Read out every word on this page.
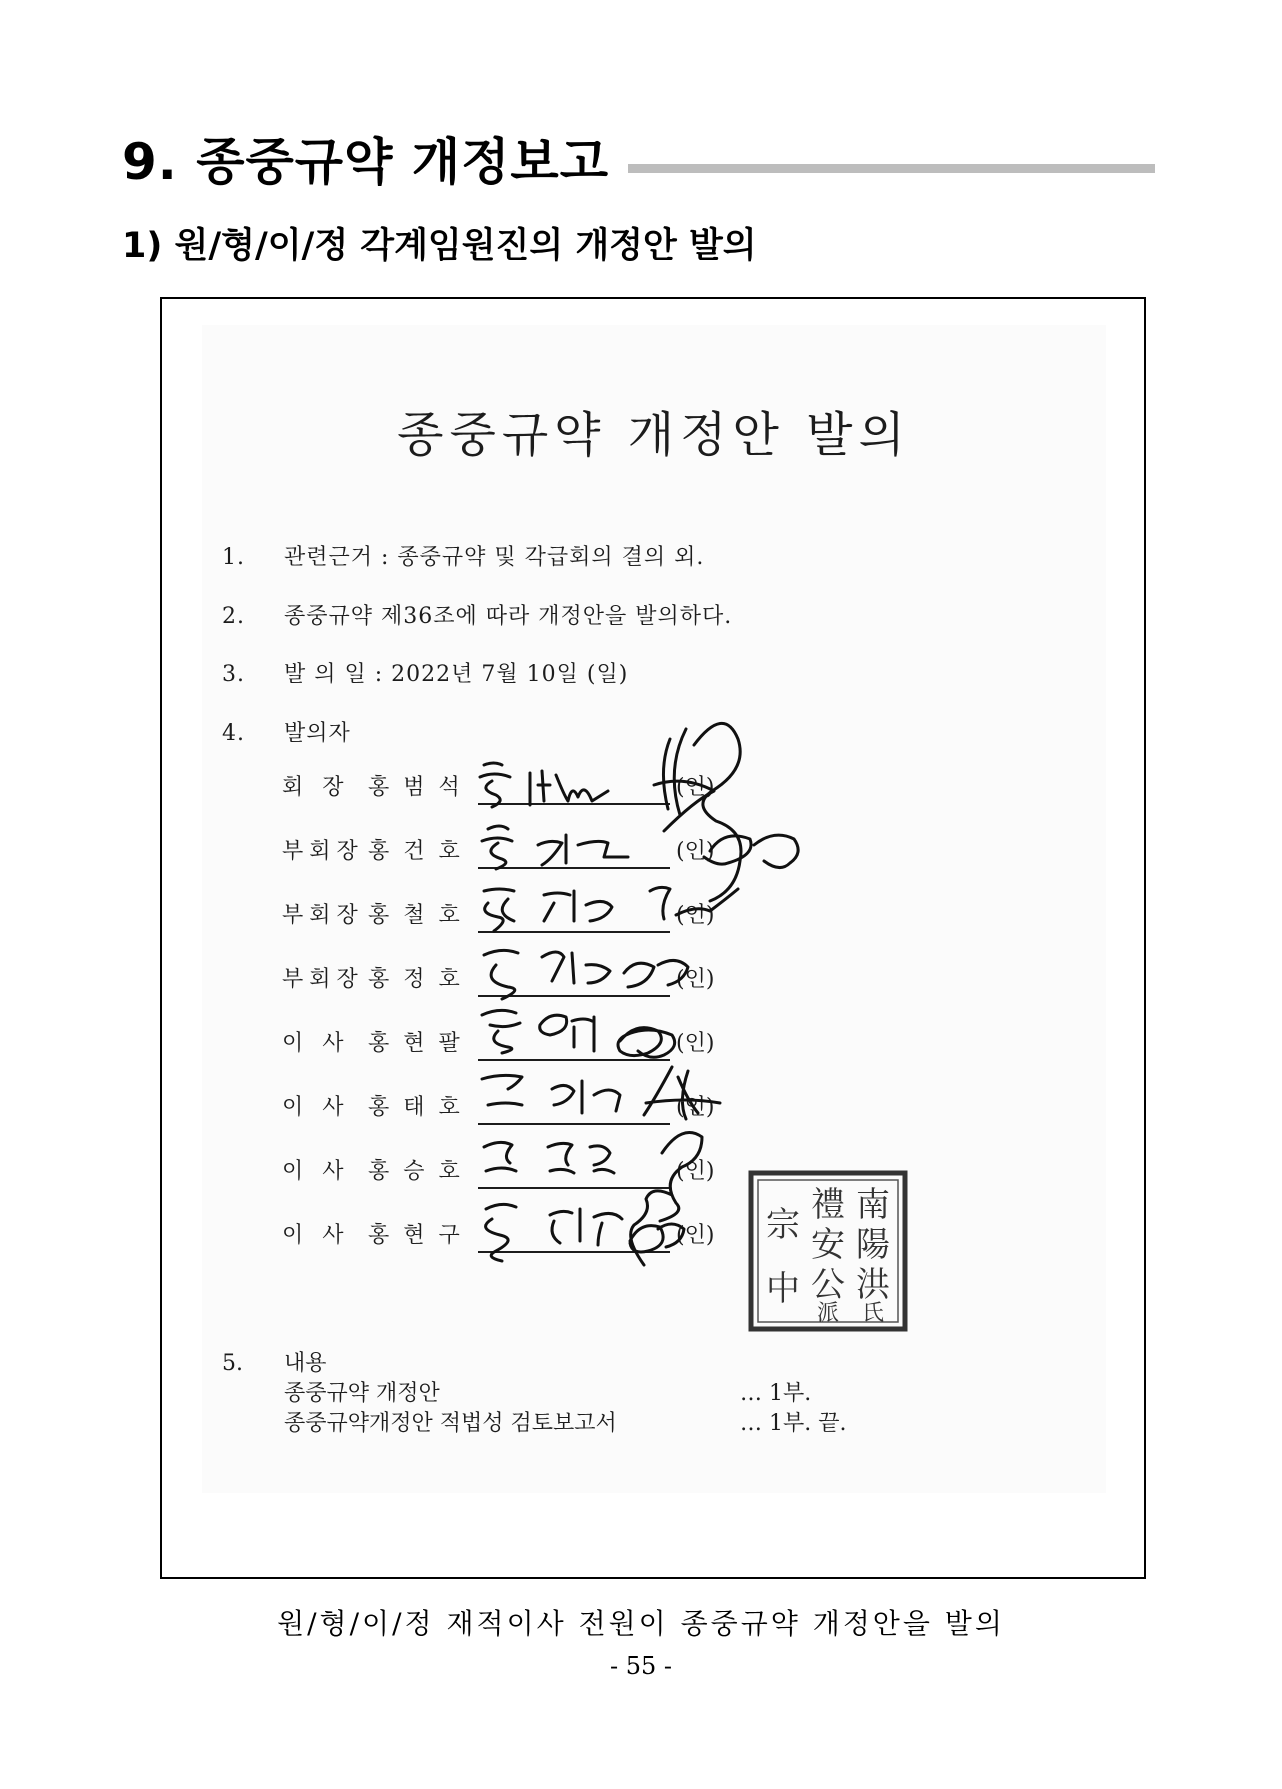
9. 종중규약 개정보고
1) 원/형/이/정 각계임원진의 개정안 발의
종중규약 개정안 발의
1. 관련근거 : 종중규약 및 각급회의 결의 외.
2. 종중규약 제36조에 따라 개정안을 발의하다.
3. 발 의 일 : 2022년 7월 10일 (일)
4. 발의자
회 장 홍범석	(인)
부회장 홍건호	(인)
부회장 홍철호	(인)
부회장 홍정호	(인)
이 사 홍현팔	(인)
이 사 홍태호	(인)
이 사 홍승호	(인)
이 사 홍현구	(인)
5. 내용
종중규약 개정안	… 1부.
종중규약개정안 적법성 검토보고서	… 1부. 끝.
南
陽
洪
氏
禮
安
公
派
宗
中
원/형/이/정 재적이사 전원이 종중규약 개정안을 발의
- 55 -
